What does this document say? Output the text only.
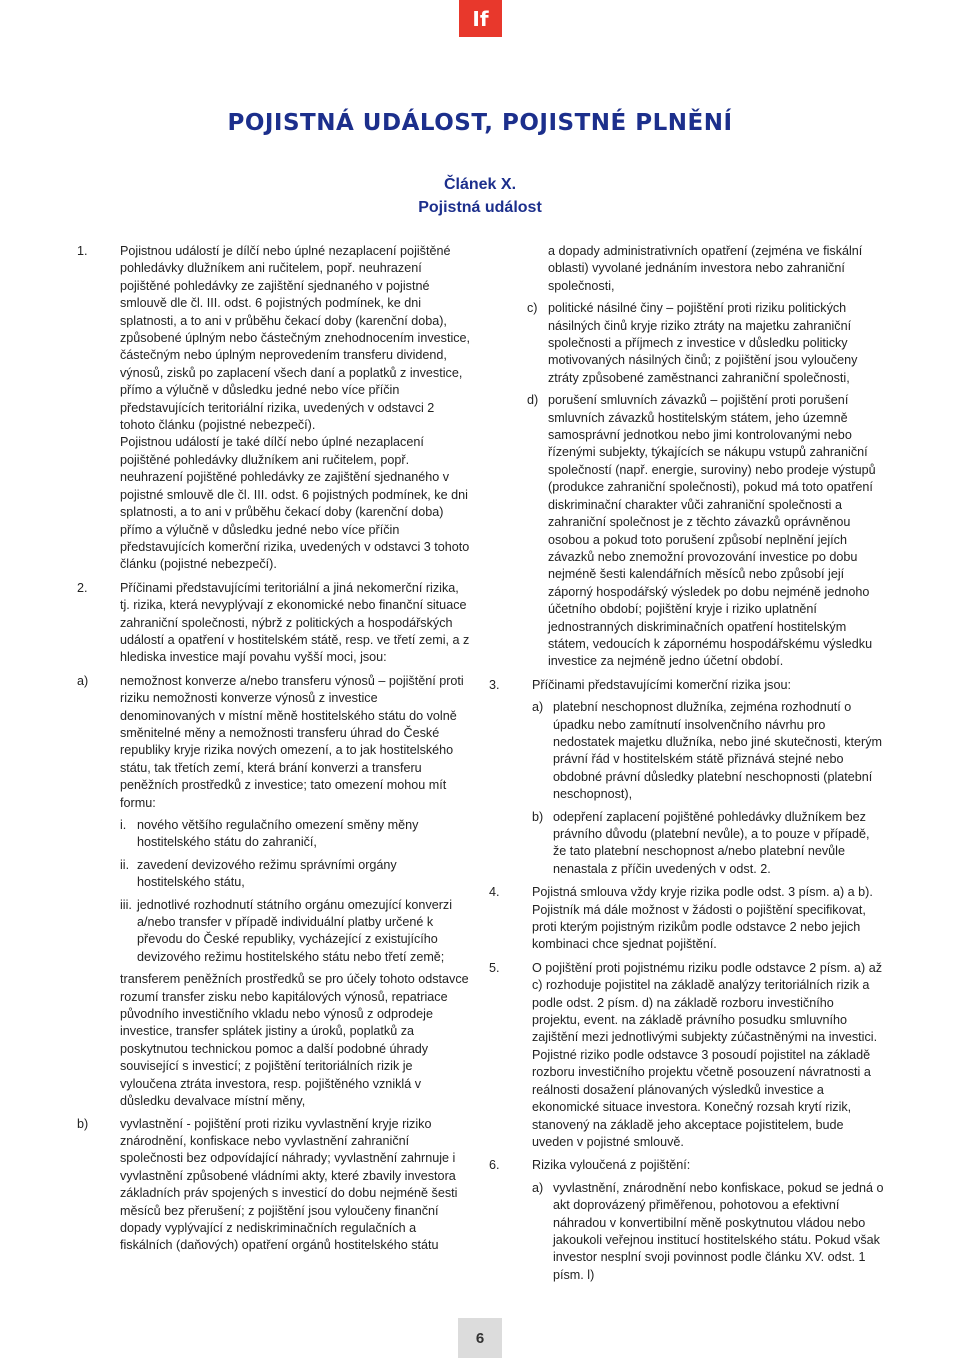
If
POJISTNÁ UDÁLOST, POJISTNÉ PLNĚNÍ
Článek X.
Pojistná událost
1.	Pojistnou událostí je dílčí nebo úplné nezaplacení pojištěné pohledávky dlužníkem ani ručitelem, popř. neuhrazení pojištěné pohledávky ze zajištění sjednaného v pojistné smlouvě dle čl. III. odst. 6 pojistných podmínek, ke dni splatnosti, a to ani v průběhu čekací doby (karenční doba), způsobené úplným nebo částečným znehodnocením investice, částečným nebo úplným neprovedením transferu dividend, výnosů, zisků po zaplacení všech daní a poplatků z investice, přímo a výlučně v důsledku jedné nebo více příčin představujících teritoriální rizika, uvedených v odstavci 2 tohoto článku (pojistné nebezpečí).

Pojistnou událostí je také dílčí nebo úplné nezaplacení pojištěné pohledávky dlužníkem ani ručitelem, popř. neuhrazení pojištěné pohledávky ze zajištění sjednaného v pojistné smlouvě dle čl. III. odst. 6 pojistných podmínek, ke dni splatnosti, a to ani v průběhu čekací doby (karenční doba) přímo a výlučně v důsledku jedné nebo více příčin představujících komerční rizika, uvedených v odstavci 3 tohoto článku (pojistné nebezpečí).

2.	Příčinami představujícími teritoriální a jiná nekomerční rizika, tj. rizika, která nevyplývají z ekonomické nebo finanční situace zahraniční společnosti, nýbrž z politických a hospodářských událostí a opatření v hostitelském státě, resp. ve třetí zemi, a z hlediska investice mají povahu vyšší moci, jsou:

a)	nemožnost konverze a/nebo transferu výnosů – pojištění proti riziku nemožnosti konverze výnosů z investice denominovaných v místní měně hostitelského státu do volně směnitelné měny a nemožnosti transferu úhrad do České republiky kryje rizika nových omezení, a to jak hostitelského státu, tak třetích zemí, která brání konverzi a transferu peněžních prostředků z investice; tato omezení mohou mít formu:

i. nového většího regulačního omezení směny měny hostitelského státu do zahraničí,

ii. zavedení devizového režimu správními orgány hostitelského státu,

iii. jednotlivé rozhodnutí státního orgánu omezující konverzi a/nebo transfer v případě individuální platby určené k převodu do České republiky, vycházející z existujícího devizového režimu hostitelského státu nebo třetí země;

transferem peněžních prostředků se pro účely tohoto odstavce rozumí transfer zisku nebo kapitálových výnosů, repatriace původního investičního vkladu nebo výnosů z odprodeje investice, transfer splátek jistiny a úroků, poplatků za poskytnutou technickou pomoc a další podobné úhrady související s investicí; z pojištění teritoriálních rizik je vyloučena ztráta investora, resp. pojištěného vzniklá v důsledku devalvace místní měny,

b)	vyvlastnění - pojištění proti riziku vyvlastnění kryje riziko znárodnění, konfiskace nebo vyvlastnění zahraniční společnosti bez odpovídající náhrady; vyvlastnění zahrnuje i vyvlastnění způsobené vládními akty, které zbavily investora základních práv spojených s investicí do dobu nejméně šesti měsíců bez přerušení; z pojištění jsou vyloučeny finanční dopady vyplývající z nediskriminačních regulačních a fiskálních (daňových) opatření orgánů hostitelského státu

a dopady administrativních opatření (zejména ve fiskální oblasti) vyvolané jednáním investora nebo zahraniční společnosti,

c) politické násilné činy – pojištění proti riziku politických násilných činů kryje riziko ztráty na majetku zahraniční společnosti a příjmech z investice v důsledku politicky motivovaných násilných činů; z pojištění jsou vyloučeny ztráty způsobené zaměstnanci zahraniční společnosti,

d) porušení smluvních závazků – pojištění proti porušení smluvních závazků hostitelským státem, jeho územně samosprávní jednotkou nebo jimi kontrolovanými nebo řízenými subjekty, týkajících se nákupu vstupů zahraniční společností (např. energie, suroviny) nebo prodeje výstupů (produkce zahraniční společnosti), pokud má toto opatření diskriminační charakter vůči zahraniční společnosti a zahraniční společnost je z těchto závazků oprávněnou osobou a pokud toto porušení způsobí neplnění jejích závazků nebo znemožní provozování investice po dobu nejméně šesti kalendářních měsíců nebo způsobí její záporný hospodářský výsledek po dobu nejméně jednoho účetního období; pojištění kryje i riziko uplatnění jednostranných diskriminačních opatření hostitelským státem, vedoucích k zápornému hospodářskému výsledku investice za nejméně jedno účetní období.

3.	Příčinami představujícími komerční rizika jsou:

a) platební neschopnost dlužníka, zejména rozhodnutí o úpadku nebo zamítnutí insolvenčního návrhu pro nedostatek majetku dlužníka, nebo jiné skutečnosti, kterým právní řád v hostitelském státě přiznává stejné nebo obdobné právní důsledky platební neschopnosti (platební neschopnost),

b) odepření zaplacení pojištěné pohledávky dlužníkem bez právního důvodu (platební nevůle), a to pouze v případě, že tato platební neschopnost a/nebo platební nevůle nenastala z příčin uvedených v odst. 2.

4.	Pojistná smlouva vždy kryje rizika podle odst. 3 písm. a) a b). Pojistník má dále možnost v žádosti o pojištění specifikovat, proti kterým pojistným rizikům podle odstavce 2 nebo jejich kombinaci chce sjednat pojištění.

5.	O pojištění proti pojistnému riziku podle odstavce 2 písm. a) až c) rozhoduje pojistitel na základě analýzy teritoriálních rizik a podle odst. 2 písm. d) na základě rozboru investičního projektu, event. na základě právního posudku smluvního zajištění mezi jednotlivými subjekty zúčastněnými na investici. Pojistné riziko podle odstavce 3 posoudí pojistitel na základě rozboru investičního projektu včetně posouzení návratnosti a reálnosti dosažení plánovaných výsledků investice a ekonomické situace investora. Konečný rozsah krytí rizik, stanovený na základě jeho akceptace pojistitelem, bude uveden v pojistné smlouvě.

6.	Rizika vyloučená z pojištění:

a) vyvlastnění, znárodnění nebo konfiskace, pokud se jedná o akt doprovázený přiměřenou, pohotovou a efektivní náhradou v konvertibilní měně poskytnutou vládou nebo jakoukoli veřejnou institucí hostitelského státu. Pokud však investor nesplní svoji povinnost podle článku XV. odst. 1 písm. l)

6
